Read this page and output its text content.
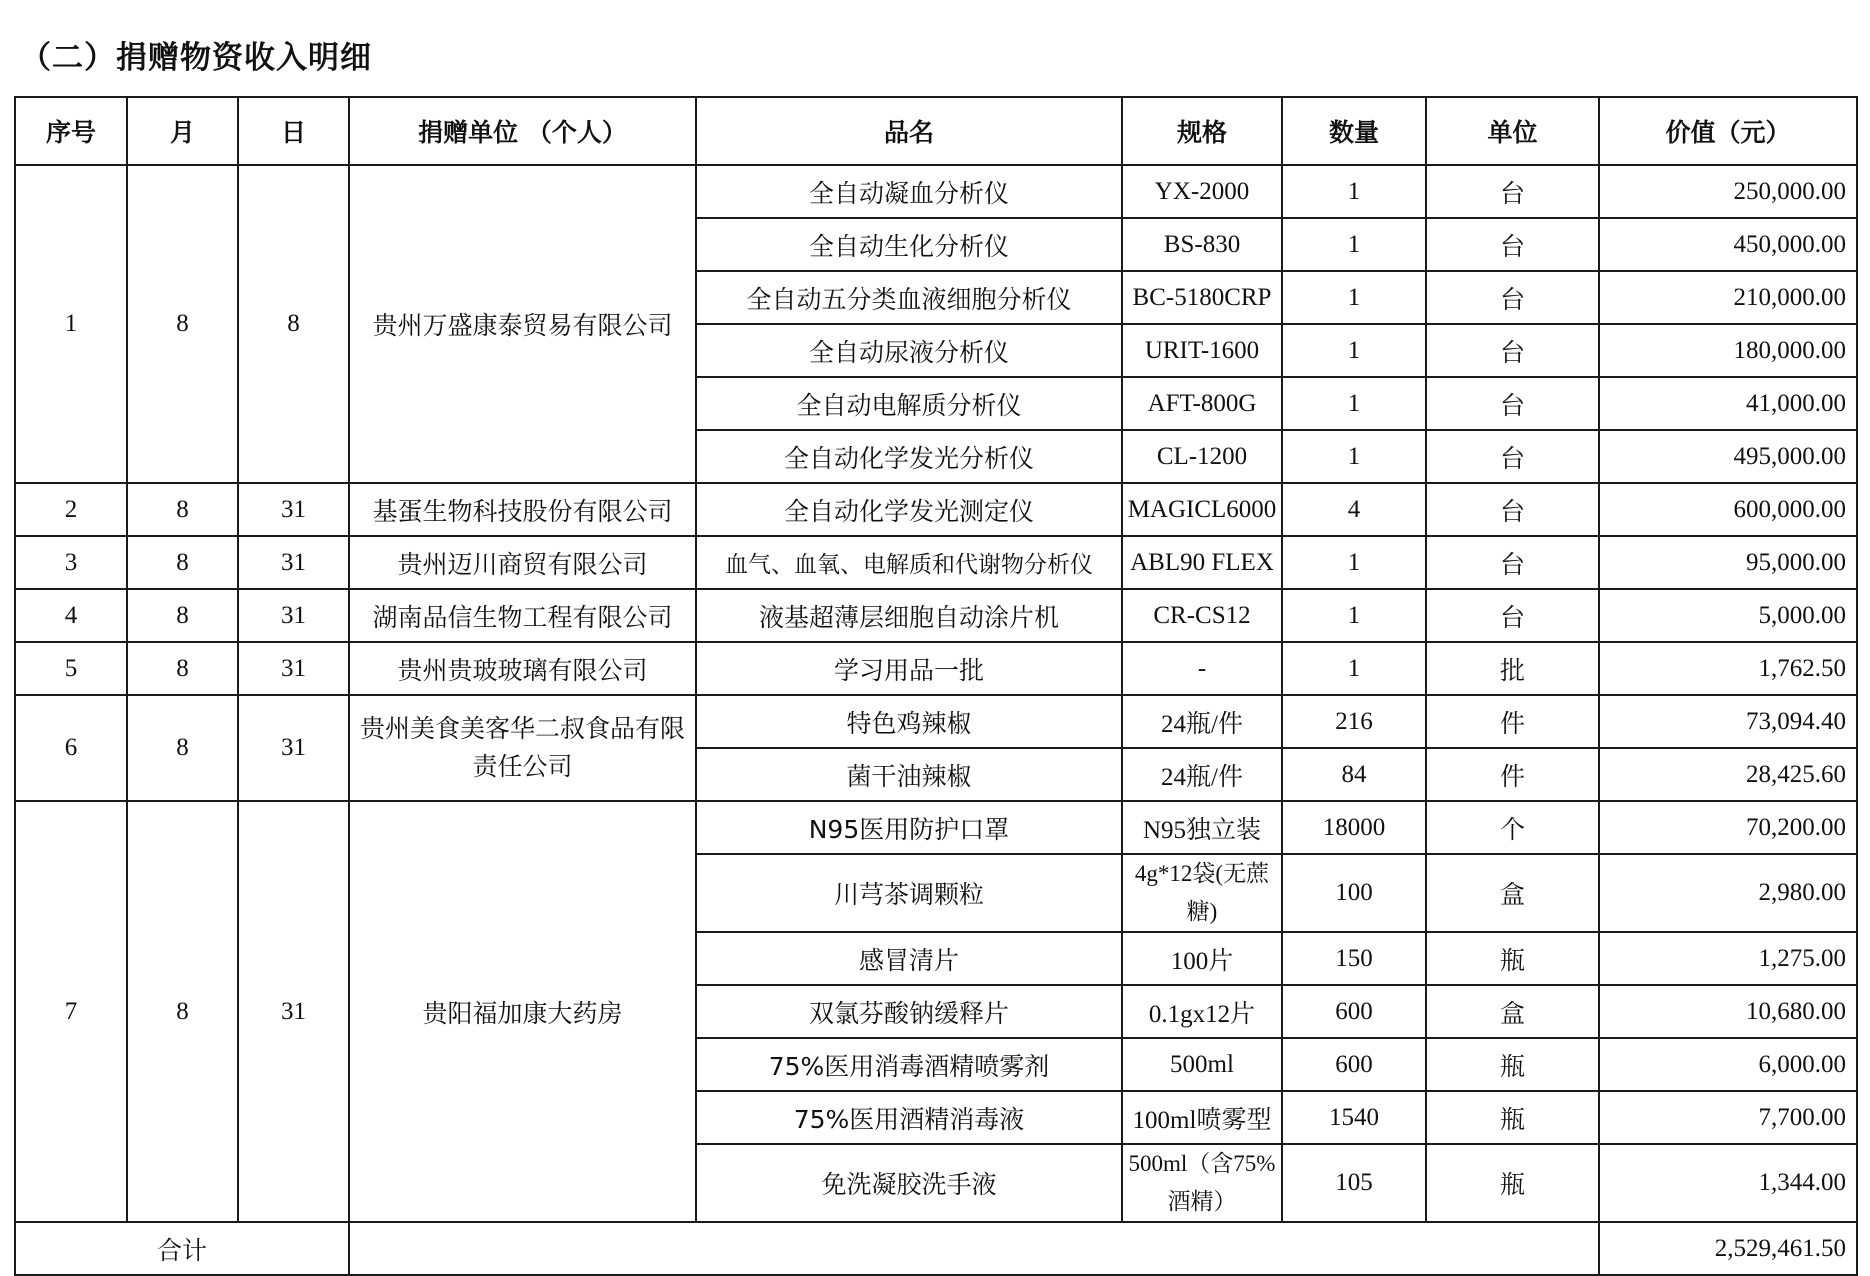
（二）捐赠物资收入明细
序号	月	日	捐赠单位 （个人）	品名	规格	数量	单位	价值（元）
1	8	8	贵州万盛康泰贸易有限公司	全自动凝血分析仪	YX-2000	1	台	250,000.00
				全自动生化分析仪	BS-830	1	台	450,000.00
				全自动五分类血液细胞分析仪	BC-5180CRP	1	台	210,000.00
				全自动尿液分析仪	URIT-1600	1	台	180,000.00
				全自动电解质分析仪	AFT-800G	1	台	41,000.00
				全自动化学发光分析仪	CL-1200	1	台	495,000.00
2	8	31	基蛋生物科技股份有限公司	全自动化学发光测定仪	MAGICL6000	4	台	600,000.00
3	8	31	贵州迈川商贸有限公司	血气、血氧、电解质和代谢物分析仪	ABL90 FLEX	1	台	95,000.00
4	8	31	湖南品信生物工程有限公司	液基超薄层细胞自动涂片机	CR-CS12	1	台	5,000.00
5	8	31	贵州贵玻玻璃有限公司	学习用品一批	-	1	批	1,762.50
6	8	31	贵州美食美客华二叔食品有限责任公司	特色鸡辣椒	24瓶/件	216	件	73,094.40
				菌干油辣椒	24瓶/件	84	件	28,425.60
7	8	31	贵阳福加康大药房	N95医用防护口罩	N95独立装	18000	个	70,200.00
				川芎茶调颗粒	4g*12袋(无蔗糖)	100	盒	2,980.00
				感冒清片	100片	150	瓶	1,275.00
				双氯芬酸钠缓释片	0.1gx12片	600	盒	10,680.00
				75%医用消毒酒精喷雾剂	500ml	600	瓶	6,000.00
				75%医用酒精消毒液	100ml喷雾型	1540	瓶	7,700.00
				免洗凝胶洗手液	500ml（含75%酒精）	105	瓶	1,344.00
合计								2,529,461.50
